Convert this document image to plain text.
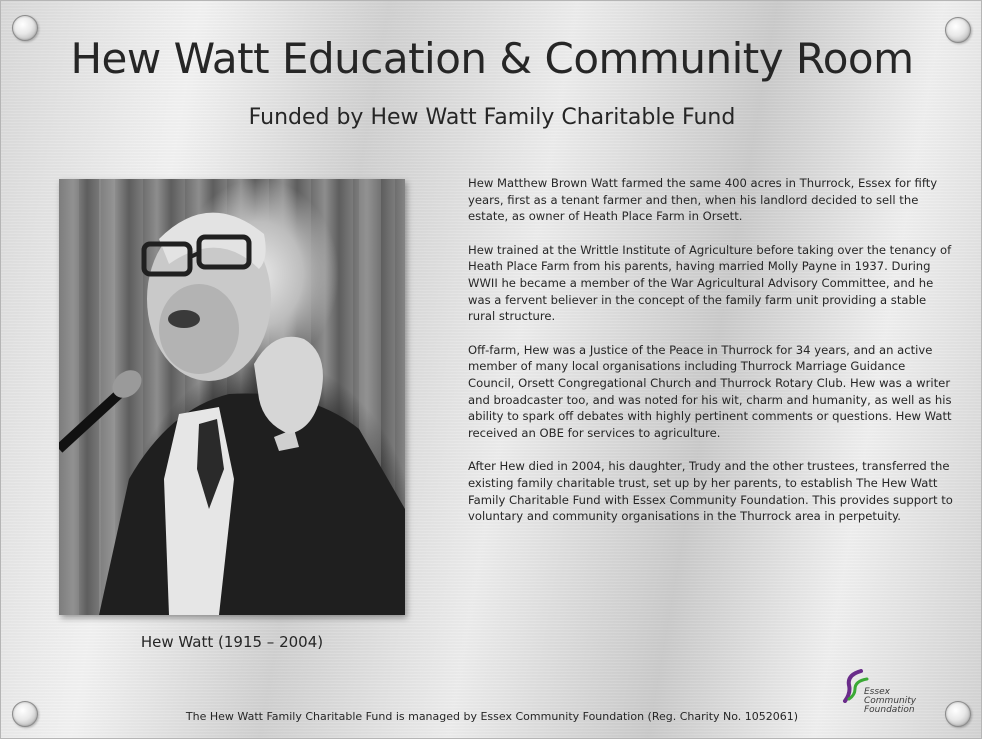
Hew Watt Education & Community Room
Funded by Hew Watt Family Charitable Fund
Hew Watt (1915 – 2004)

Hew Matthew Brown Watt farmed the same 400 acres in Thurrock, Essex for fifty years, first as a tenant farmer and then, when his landlord decided to sell the estate, as owner of Heath Place Farm in Orsett.

Hew trained at the Writtle Institute of Agriculture before taking over the tenancy of Heath Place Farm from his parents, having married Molly Payne in 1937. During WWII he became a member of the War Agricultural Advisory Committee, and he was a fervent believer in the concept of the family farm unit providing a stable rural structure.

Off-farm, Hew was a Justice of the Peace in Thurrock for 34 years, and an active member of many local organisations including Thurrock Marriage Guidance Council, Orsett Congregational Church and Thurrock Rotary Club. Hew was a writer and broadcaster too, and was noted for his wit, charm and humanity, as well as his ability to spark off debates with highly pertinent comments or questions. Hew Watt received an OBE for services to agriculture.

After Hew died in 2004, his daughter, Trudy and the other trustees, transferred the existing family charitable trust, set up by her parents, to establish The Hew Watt Family Charitable Fund with Essex Community Foundation. This provides support to voluntary and community organisations in the Thurrock area in perpetuity.

Essex
Community
Foundation
The Hew Watt Family Charitable Fund is managed by Essex Community Foundation (Reg. Charity No. 1052061)
